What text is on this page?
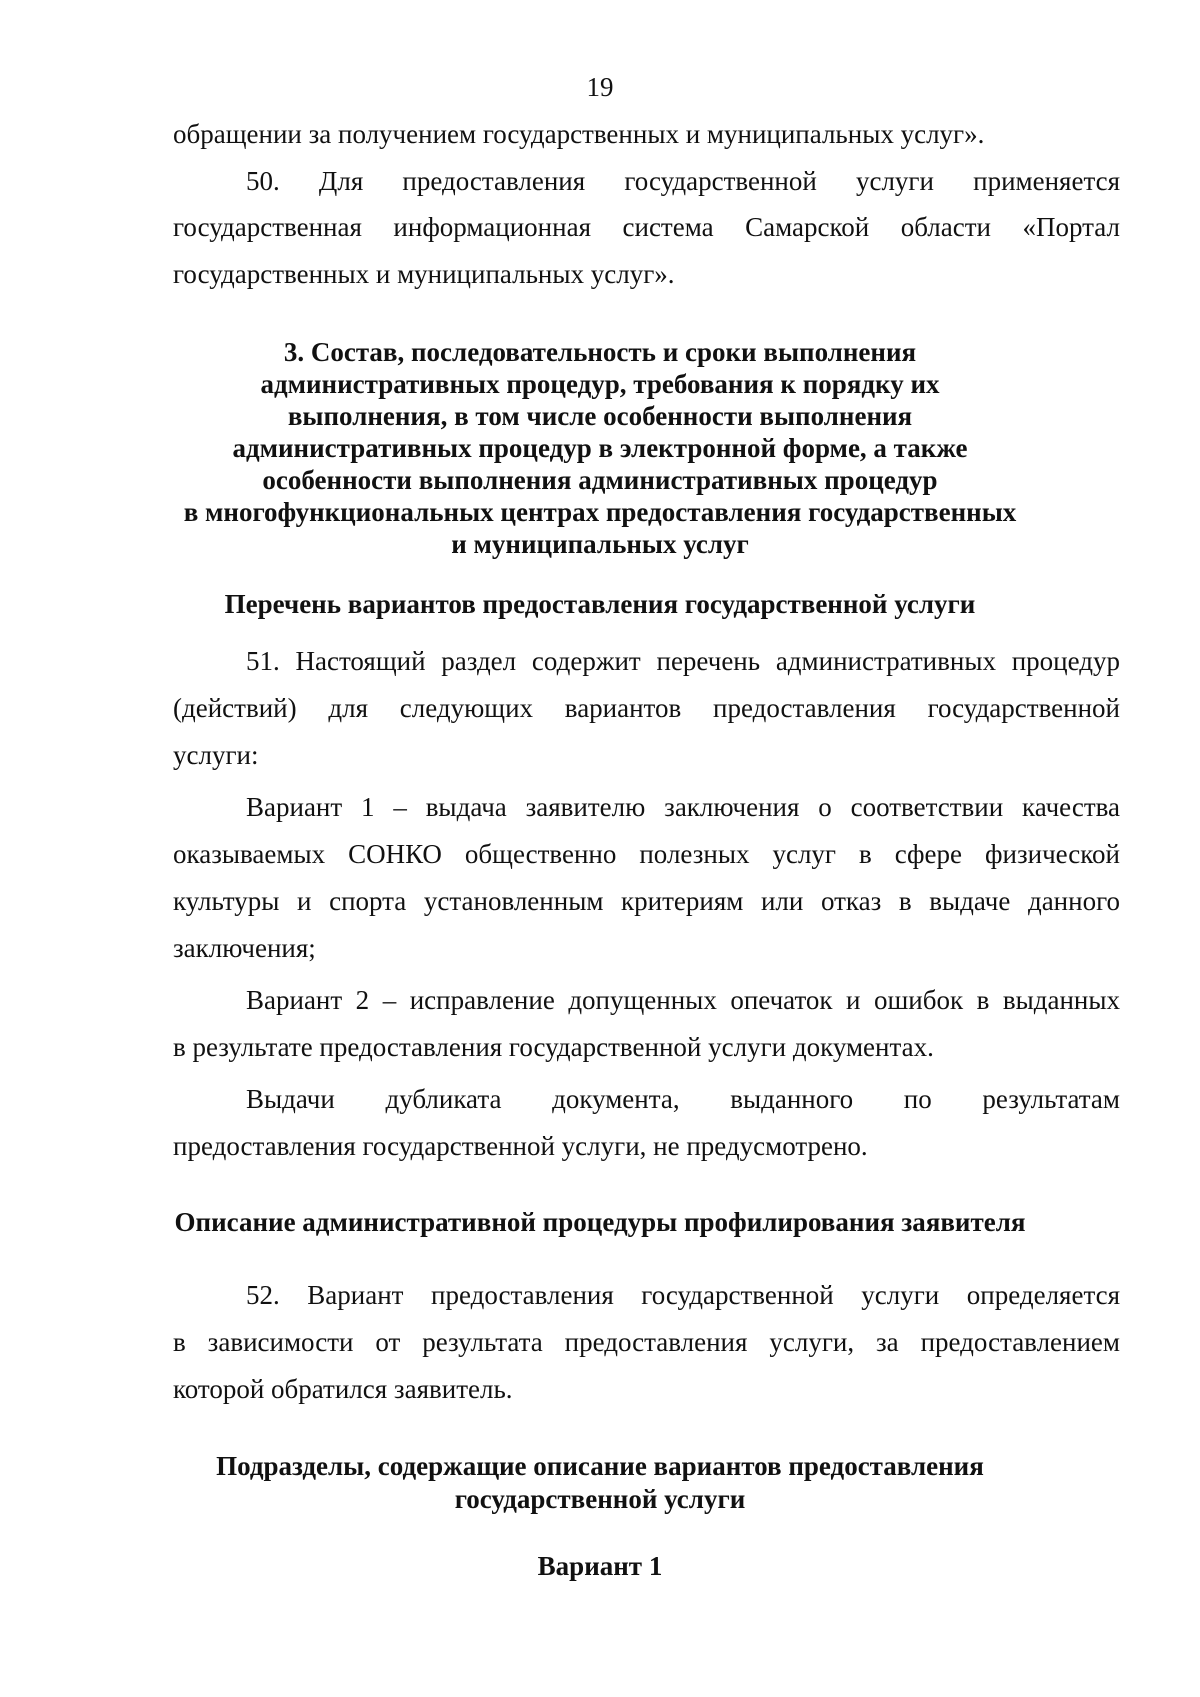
19
обращении за получением государственных и муниципальных услуг».
50. Для предоставления государственной услуги применяется
государственная информационная система Самарской области «Портал
государственных и муниципальных услуг».
3. Состав, последовательность и сроки выполнения
административных процедур, требования к порядку их
выполнения, в том числе особенности выполнения
административных процедур в электронной форме, а также
особенности выполнения административных процедур
в многофункциональных центрах предоставления государственных
и муниципальных услуг
Перечень вариантов предоставления государственной услуги
51. Настоящий раздел содержит перечень административных процедур
(действий) для следующих вариантов предоставления государственной
услуги:
Вариант 1 – выдача заявителю заключения о соответствии качества
оказываемых СОНКО общественно полезных услуг в сфере физической
культуры и спорта установленным критериям или отказ в выдаче данного
заключения;
Вариант 2 – исправление допущенных опечаток и ошибок в выданных
в результате предоставления государственной услуги документах.
Выдачи дубликата документа, выданного по результатам
предоставления государственной услуги, не предусмотрено.
Описание административной процедуры профилирования заявителя
52. Вариант предоставления государственной услуги определяется
в зависимости от результата предоставления услуги, за предоставлением
которой обратился заявитель.
Подразделы, содержащие описание вариантов предоставления
государственной услуги
Вариант 1
